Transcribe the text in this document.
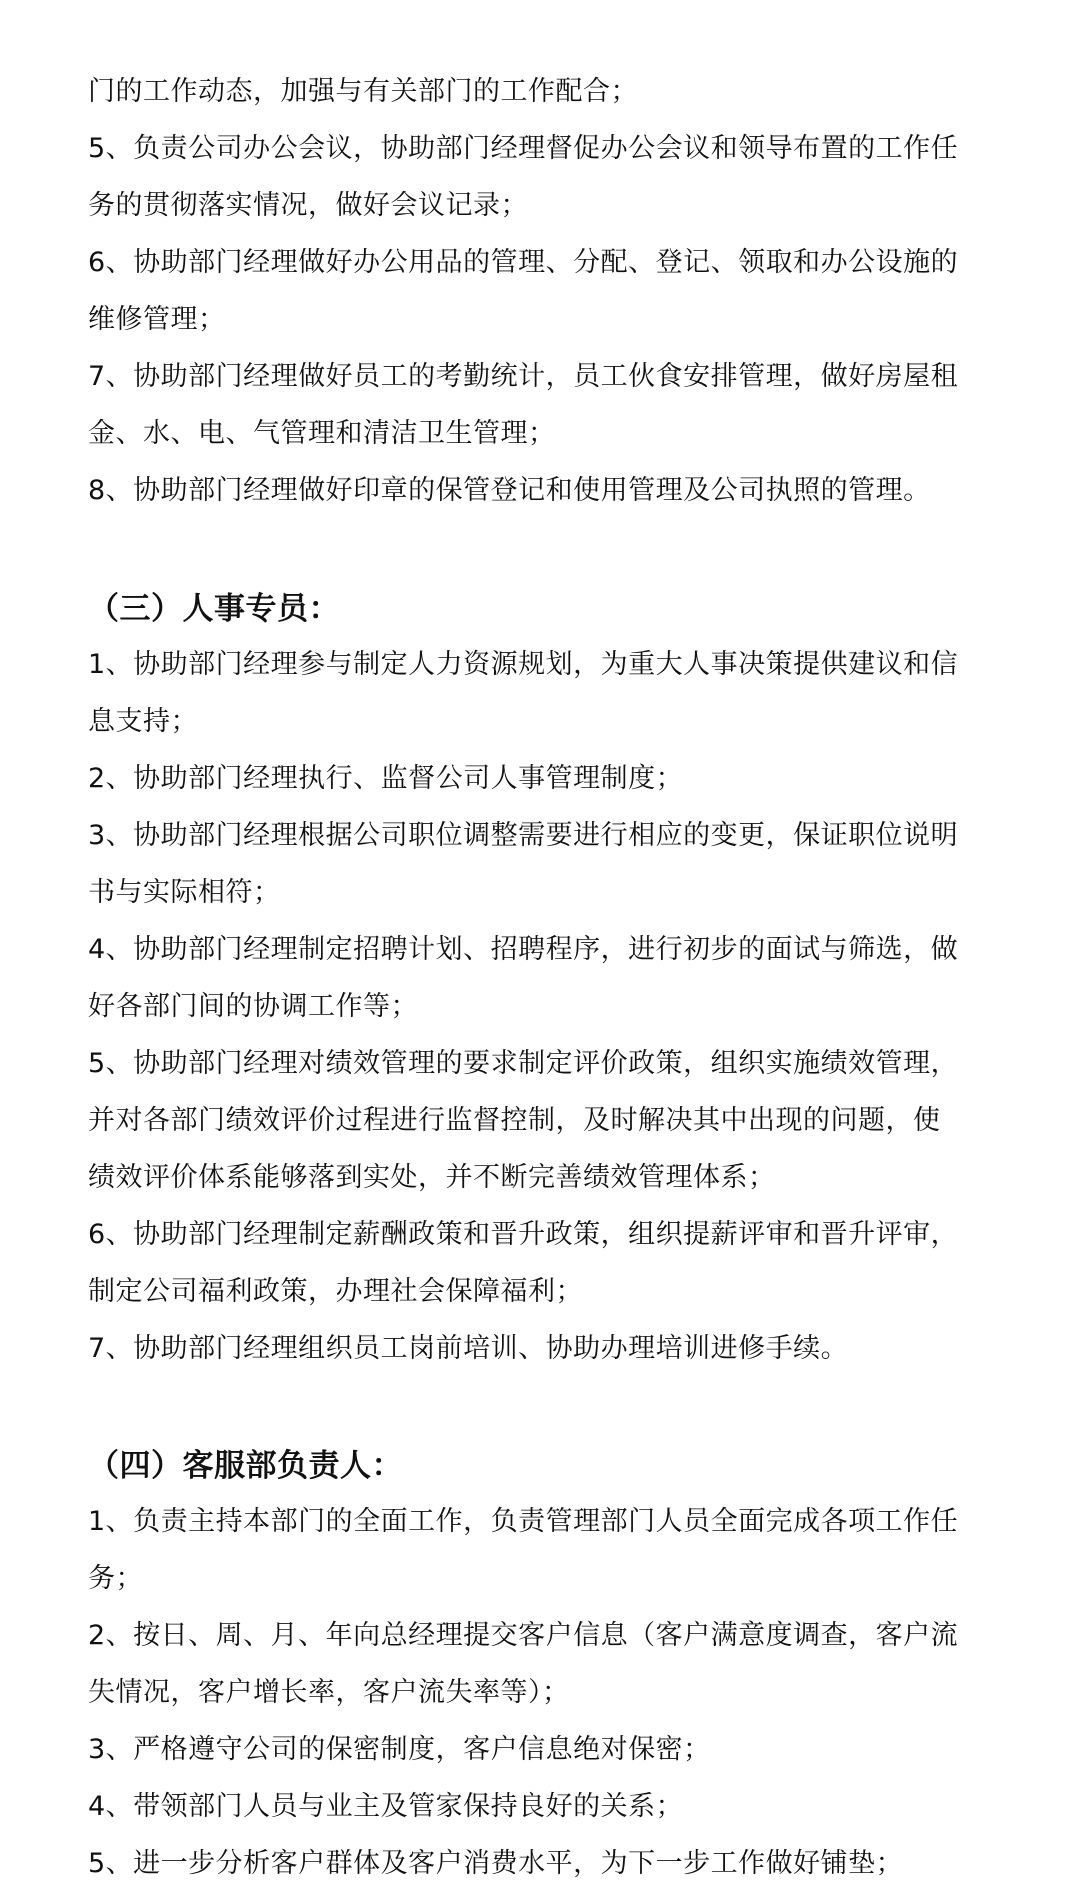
门的工作动态，加强与有关部门的工作配合；
5、负责公司办公会议，协助部门经理督促办公会议和领导布置的工作任
务的贯彻落实情况，做好会议记录；
6、协助部门经理做好办公用品的管理、分配、登记、领取和办公设施的
维修管理；
7、协助部门经理做好员工的考勤统计，员工伙食安排管理，做好房屋租
金、水、电、气管理和清洁卫生管理；
8、协助部门经理做好印章的保管登记和使用管理及公司执照的管理。
（三）人事专员：
1、协助部门经理参与制定人力资源规划，为重大人事决策提供建议和信
息支持；
2、协助部门经理执行、监督公司人事管理制度；
3、协助部门经理根据公司职位调整需要进行相应的变更，保证职位说明
书与实际相符；
4、协助部门经理制定招聘计划、招聘程序，进行初步的面试与筛选，做
好各部门间的协调工作等；
5、协助部门经理对绩效管理的要求制定评价政策，组织实施绩效管理，
并对各部门绩效评价过程进行监督控制，及时解决其中出现的问题，使
绩效评价体系能够落到实处，并不断完善绩效管理体系；
6、协助部门经理制定薪酬政策和晋升政策，组织提薪评审和晋升评审，
制定公司福利政策，办理社会保障福利；
7、协助部门经理组织员工岗前培训、协助办理培训进修手续。
（四）客服部负责人：
1、负责主持本部门的全面工作，负责管理部门人员全面完成各项工作任
务；
2、按日、周、月、年向总经理提交客户信息（客户满意度调查，客户流
失情况，客户增长率，客户流失率等）；
3、严格遵守公司的保密制度，客户信息绝对保密；
4、带领部门人员与业主及管家保持良好的关系；
5、进一步分析客户群体及客户消费水平，为下一步工作做好铺垫；
